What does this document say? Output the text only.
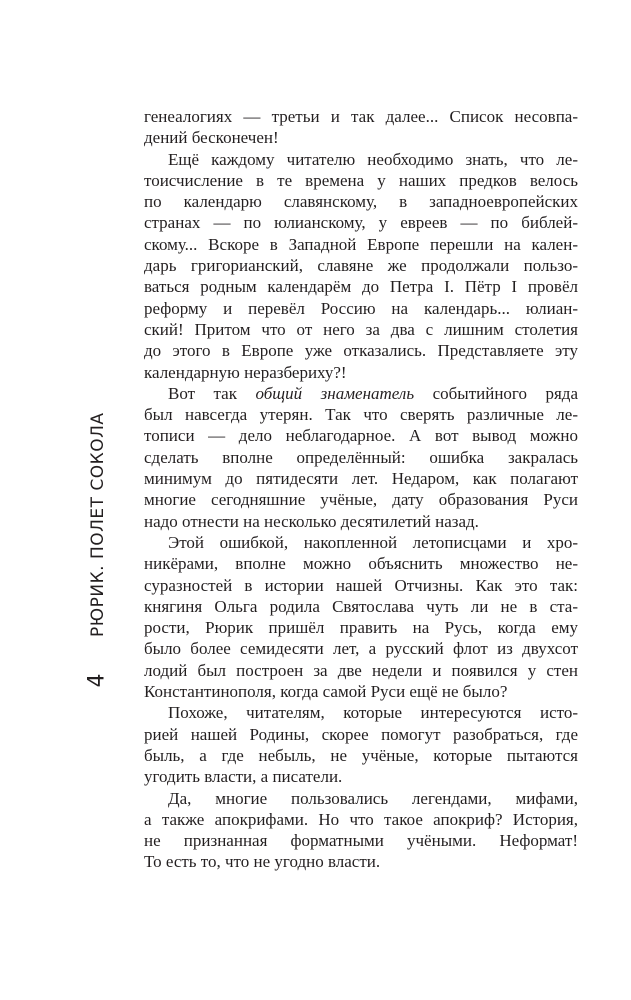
РЮРИК. ПОЛЕТ СОКОЛА
4
генеалогиях — третьи и так далее... Список несовпа-
дений бесконечен!
Ещё каждому читателю необходимо знать, что ле-
тоисчисление в те времена у наших предков велось
по календарю славянскому, в западноевропейских
странах — по юлианскому, у евреев — по библей-
скому... Вскоре в Западной Европе перешли на кален-
дарь григорианский, славяне же продолжали пользо-
ваться родным календарём до Петра I. Пётр I провёл
реформу и перевёл Россию на календарь... юлиан-
ский! Притом что от него за два с лишним столетия
до этого в Европе уже отказались. Представляете эту
календарную неразбериху?!
Вот так общий знаменатель событийного ряда
был навсегда утерян. Так что сверять различные ле-
тописи — дело неблагодарное. А вот вывод можно
сделать вполне определённый: ошибка закралась
минимум до пятидесяти лет. Недаром, как полагают
многие сегодняшние учёные, дату образования Руси
надо отнести на несколько десятилетий назад.
Этой ошибкой, накопленной летописцами и хро-
никёрами, вполне можно объяснить множество не-
суразностей в истории нашей Отчизны. Как это так:
княгиня Ольга родила Святослава чуть ли не в ста-
рости, Рюрик пришёл править на Русь, когда ему
было более семидесяти лет, а русский флот из двухсот
лодий был построен за две недели и появился у стен
Константинополя, когда самой Руси ещё не было?
Похоже, читателям, которые интересуются исто-
рией нашей Родины, скорее помогут разобраться, где
быль, а где небыль, не учёные, которые пытаются
угодить власти, а писатели.
Да, многие пользовались легендами, мифами,
а также апокрифами. Но что такое апокриф? История,
не признанная форматными учёными. Неформат!
То есть то, что не угодно власти.
